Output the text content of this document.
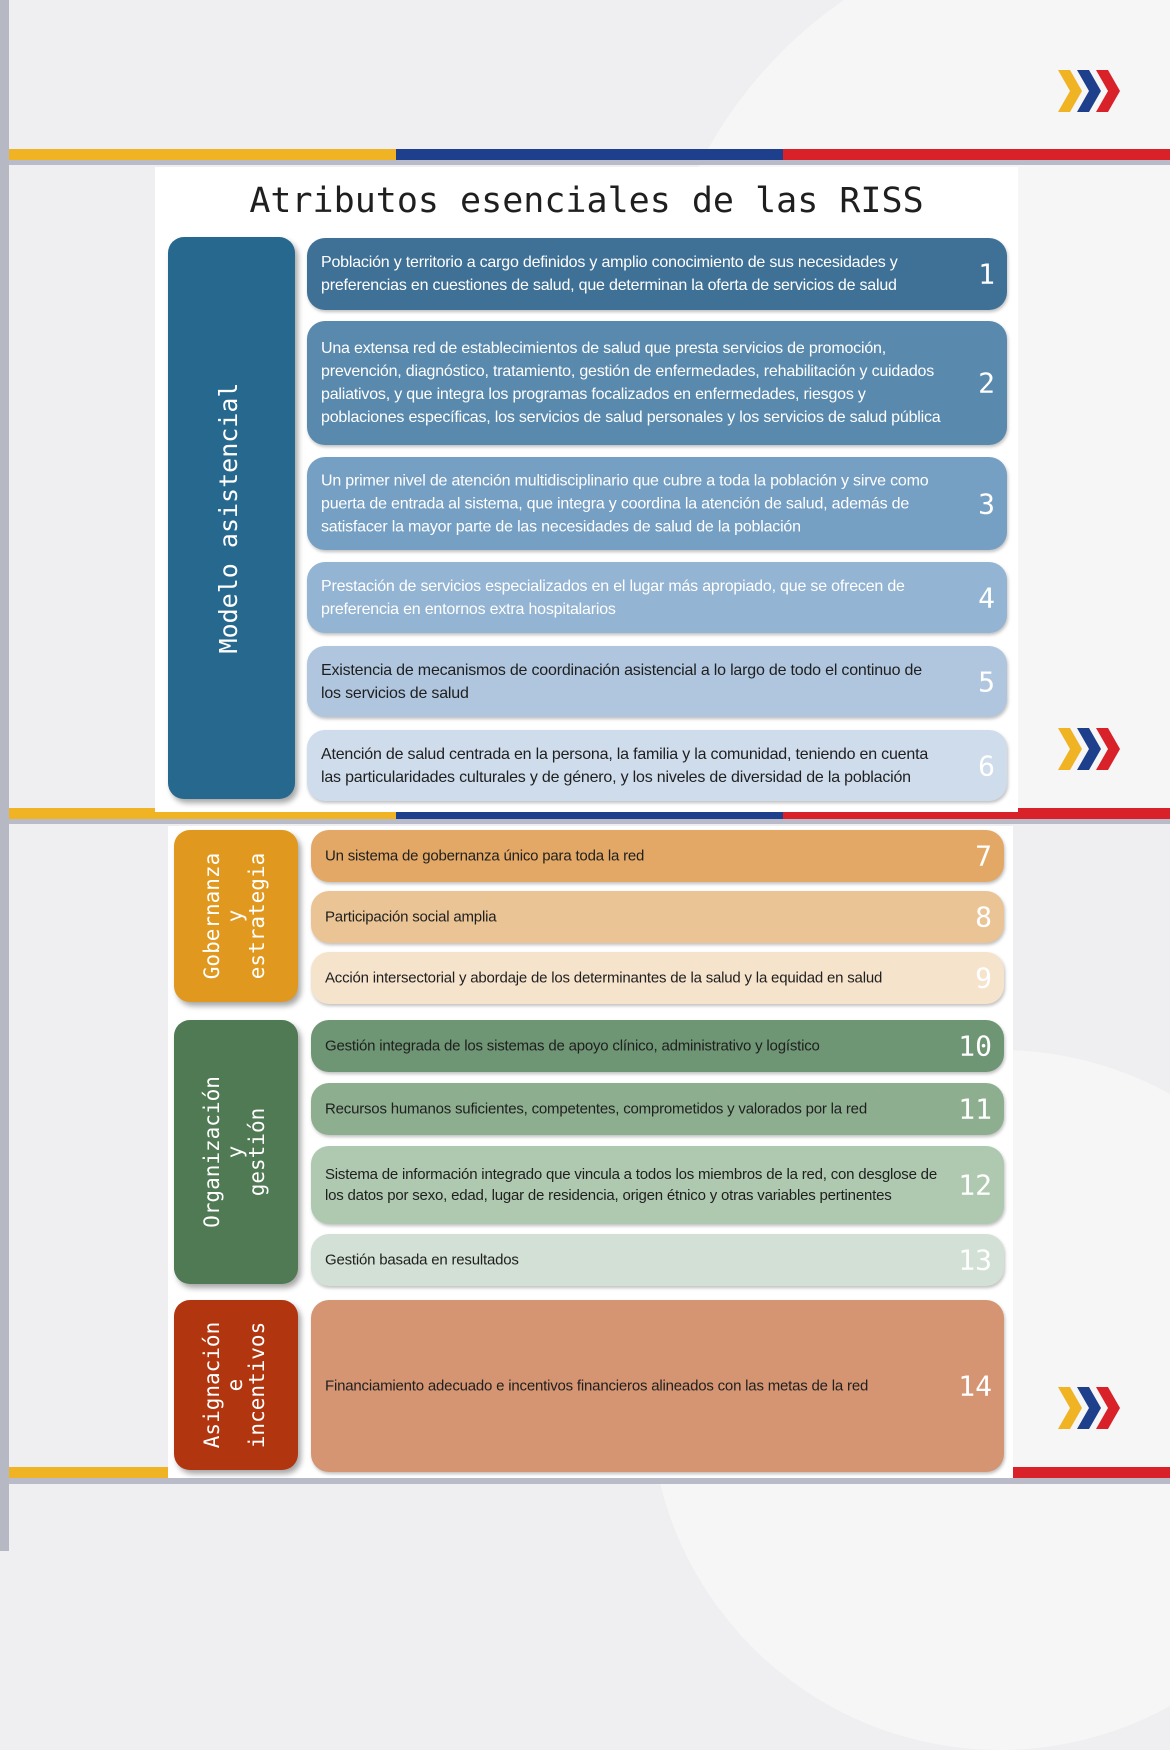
Atributos esenciales de las RISS
Modelo asistencial
Población y territorio a cargo definidos y amplio conocimiento de sus necesidades y preferencias en cuestiones de salud, que determinan la oferta de servicios de salud	1
Una extensa red de establecimientos de salud que presta servicios de promoción, prevención, diagnóstico, tratamiento, gestión de enfermedades, rehabilitación y cuidados paliativos, y que integra los programas focalizados en enfermedades, riesgos y poblaciones específicas, los servicios de salud personales y los servicios de salud pública
2
Un primer nivel de atención multidisciplinario que cubre a toda la población y sirve como puerta de entrada al sistema, que integra y coordina la atención de salud, además de satisfacer la mayor parte de las necesidades de salud de la población
3
Prestación de servicios especializados en el lugar más apropiado, que se ofrecen de preferencia en entornos extra hospitalarios	4
Existencia de mecanismos de coordinación asistencial a lo largo de todo el continuo de los servicios de salud	5
Atención de salud centrada en la persona, la familia y la comunidad, teniendo en cuenta las particularidades culturales y de género, y los niveles de diversidad de la población	6
Gobernanza
y
estrategia	Un sistema de gobernanza único para toda la red	7
Participación social amplia	8
Acción intersectorial y abordaje de los determinantes de la salud y la equidad en salud	9
Organización
y
gestión
Gestión integrada de los sistemas de apoyo clínico, administrativo y logístico	10
Recursos humanos suficientes, competentes, comprometidos y valorados por la red	11
Sistema de información integrado que vincula a todos los miembros de la red, con desglose de los datos por sexo, edad, lugar de residencia, origen étnico y otras variables pertinentes	12
Gestión basada en resultados	13
Asignación
e
incentivos	Financiamiento adecuado e incentivos financieros alineados con las metas de la red	14
